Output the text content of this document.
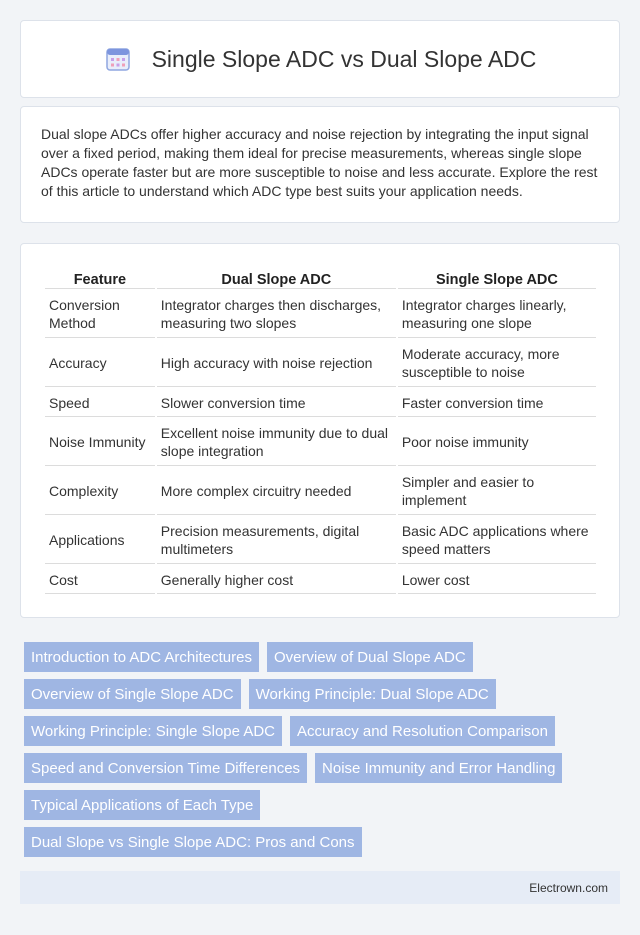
Single Slope ADC vs Dual Slope ADC

Dual slope ADCs offer higher accuracy and noise rejection by integrating the input signal over a fixed period, making them ideal for precise measurements, whereas single slope ADCs operate faster but are more susceptible to noise and less accurate. Explore the rest of this article to understand which ADC type best suits your application needs.

Feature	Dual Slope ADC	Single Slope ADC
Conversion Method	Integrator charges then discharges, measuring two slopes	Integrator charges linearly, measuring one slope
Accuracy	High accuracy with noise rejection	Moderate accuracy, more susceptible to noise
Speed	Slower conversion time	Faster conversion time
Noise Immunity	Excellent noise immunity due to dual slope integration	Poor noise immunity
Complexity	More complex circuitry needed	Simpler and easier to implement
Applications	Precision measurements, digital multimeters	Basic ADC applications where speed matters
Cost	Generally higher cost	Lower cost
Introduction to ADC Architectures	Overview of Dual Slope ADC
Overview of Single Slope ADC	Working Principle: Dual Slope ADC
Working Principle: Single Slope ADC	Accuracy and Resolution Comparison
Speed and Conversion Time Differences	Noise Immunity and Error Handling
Typical Applications of Each Type
Dual Slope vs Single Slope ADC: Pros and Cons
Electrown.com
